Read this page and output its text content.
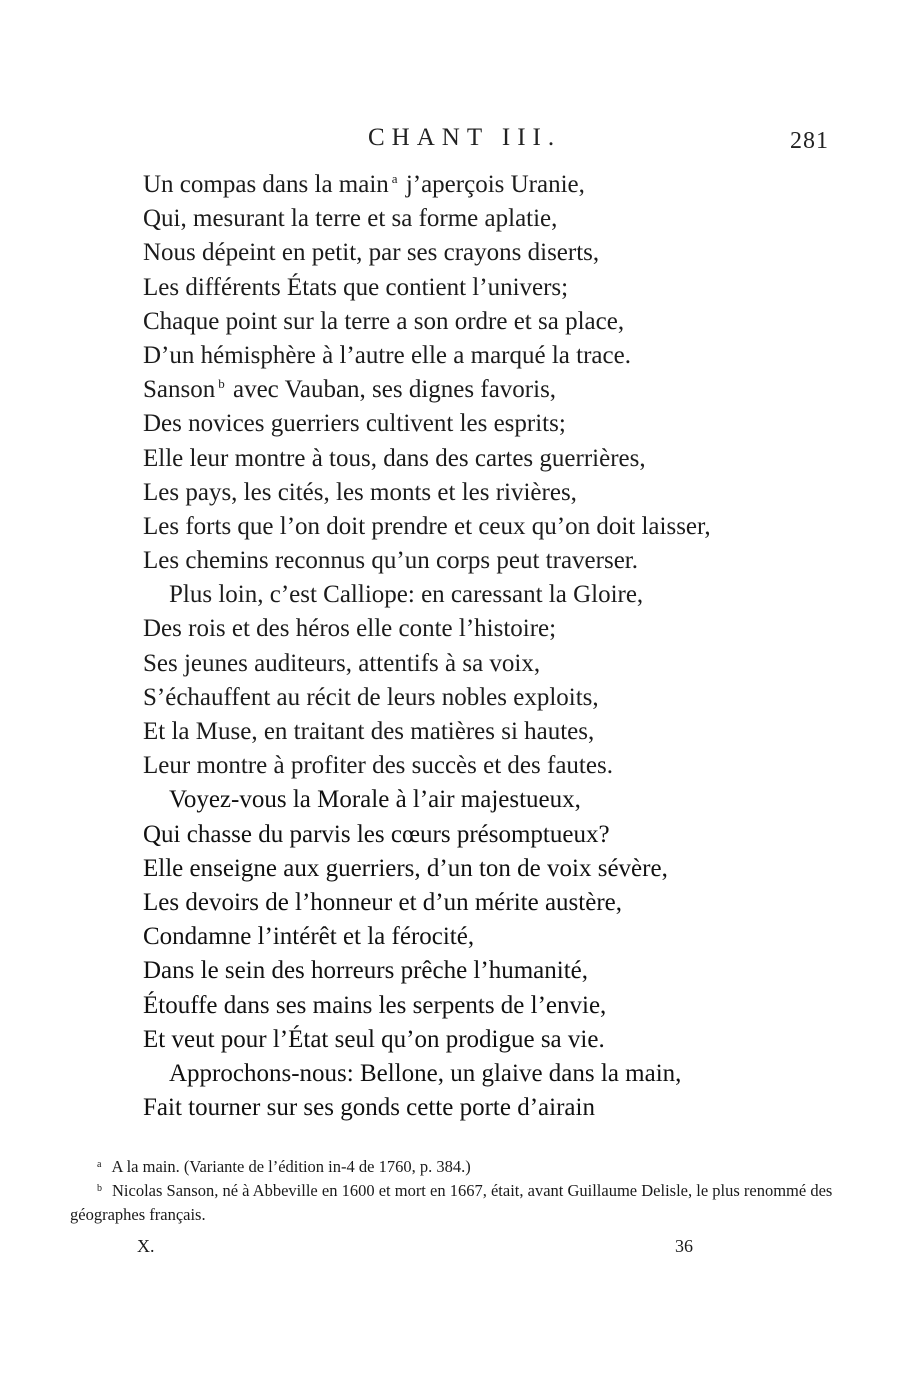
CHANT III.	281
Un compas dans la main $^a$ j’aperçois Uranie,
Qui, mesurant la terre et sa forme aplatie,
Nous dépeint en petit, par ses crayons diserts,
Les différents États que contient l’univers;
Chaque point sur la terre a son ordre et sa place,
D’un hémisphère à l’autre elle a marqué la trace.
Sanson $^b$ avec Vauban, ses dignes favoris,
Des novices guerriers cultivent les esprits;
Elle leur montre à tous, dans des cartes guerrières,
Les pays, les cités, les monts et les rivières,
Les forts que l’on doit prendre et ceux qu’on doit laisser,
Les chemins reconnus qu’un corps peut traverser.
Plus loin, c’est Calliope: en caressant la Gloire,
Des rois et des héros elle conte l’histoire;
Ses jeunes auditeurs, attentifs à sa voix,
S’échauffent au récit de leurs nobles exploits,
Et la Muse, en traitant des matières si hautes,
Leur montre à profiter des succès et des fautes.
Voyez-vous la Morale à l’air majestueux,
Qui chasse du parvis les cœurs présomptueux?
Elle enseigne aux guerriers, d’un ton de voix sévère,
Les devoirs de l’honneur et d’un mérite austère,
Condamne l’intérêt et la férocité,
Dans le sein des horreurs prêche l’humanité,
Étouffe dans ses mains les serpents de l’envie,
Et veut pour l’État seul qu’on prodigue sa vie.
Approchons-nous: Bellone, un glaive dans la main,
Fait tourner sur ses gonds cette porte d’airain

$^a$ A la main. (Variante de l’édition in-4 de 1760, p. 384.)

$^b$ Nicolas Sanson, né à Abbeville en 1600 et mort en 1667, était, avant Guillaume Delisle, le plus renommé des géographes français.

X.	36
